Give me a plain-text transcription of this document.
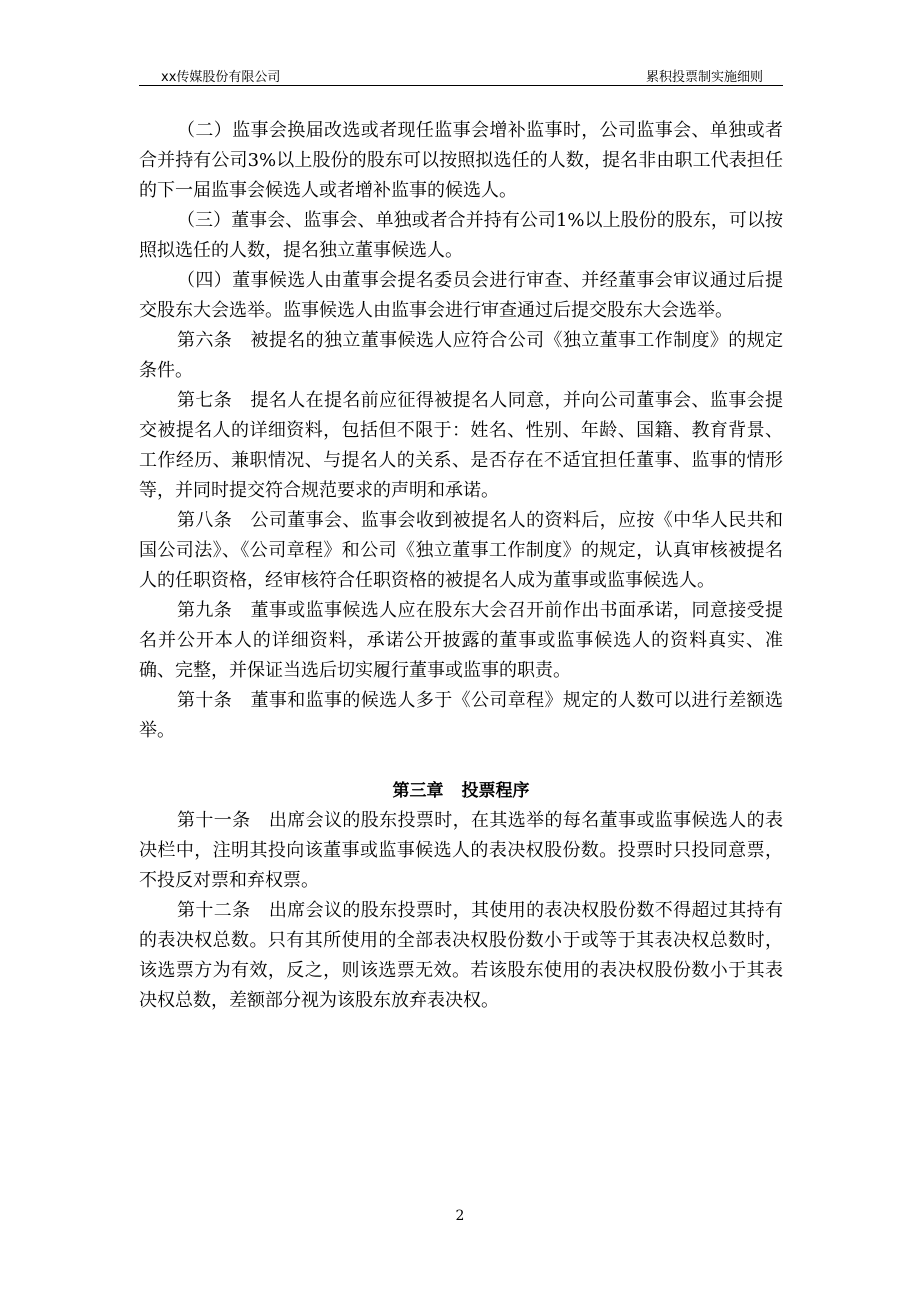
xx传媒股份有限公司	累积投票制实施细则

（二）监事会换届改选或者现任监事会增补监事时，公司监事会、单独或者合并持有公司3%以上股份的股东可以按照拟选任的人数，提名非由职工代表担任的下一届监事会候选人或者增补监事的候选人。

（三）董事会、监事会、单独或者合并持有公司1%以上股份的股东，可以按照拟选任的人数，提名独立董事候选人。

（四）董事候选人由董事会提名委员会进行审查、并经董事会审议通过后提交股东大会选举。监事候选人由监事会进行审查通过后提交股东大会选举。

第六条　被提名的独立董事候选人应符合公司《独立董事工作制度》的规定条件。

第七条　提名人在提名前应征得被提名人同意，并向公司董事会、监事会提交被提名人的详细资料，包括但不限于：姓名、性别、年龄、国籍、教育背景、工作经历、兼职情况、与提名人的关系、是否存在不适宜担任董事、监事的情形等，并同时提交符合规范要求的声明和承诺。

第八条　公司董事会、监事会收到被提名人的资料后，应按《中华人民共和国公司法》、《公司章程》和公司《独立董事工作制度》的规定，认真审核被提名人的任职资格，经审核符合任职资格的被提名人成为董事或监事候选人。

第九条　董事或监事候选人应在股东大会召开前作出书面承诺，同意接受提名并公开本人的详细资料，承诺公开披露的董事或监事候选人的资料真实、准确、完整，并保证当选后切实履行董事或监事的职责。

第十条　董事和监事的候选人多于《公司章程》规定的人数可以进行差额选举。

第三章 投票程序

第十一条　出席会议的股东投票时，在其选举的每名董事或监事候选人的表决栏中，注明其投向该董事或监事候选人的表决权股份数。投票时只投同意票，不投反对票和弃权票。

第十二条　出席会议的股东投票时，其使用的表决权股份数不得超过其持有的表决权总数。只有其所使用的全部表决权股份数小于或等于其表决权总数时，该选票方为有效，反之，则该选票无效。若该股东使用的表决权股份数小于其表决权总数，差额部分视为该股东放弃表决权。

2
